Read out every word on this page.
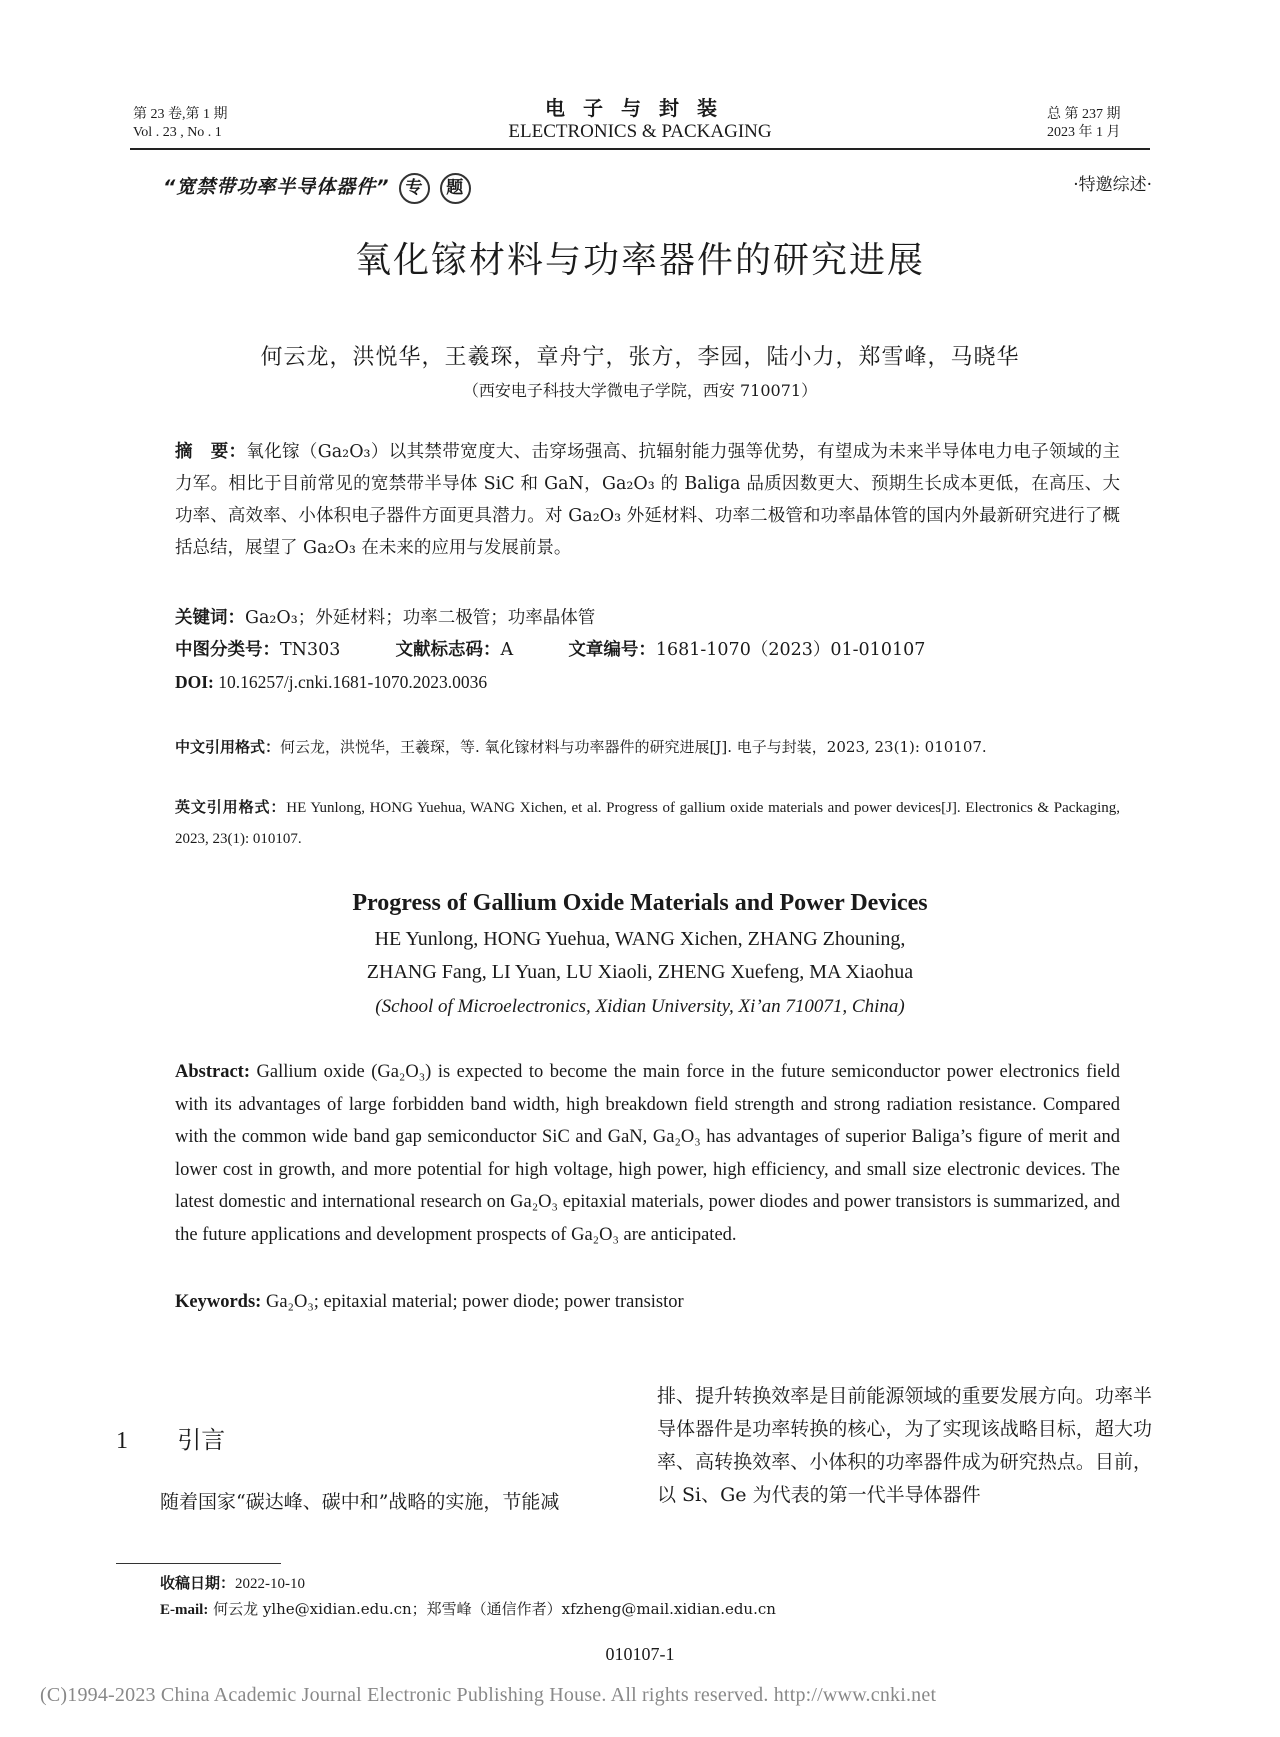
第 23 卷,第 1 期
Vol . 23 , No . 1
电子与封装
ELECTRONICS & PACKAGING
总 第 237 期
2023 年 1 月
“宽禁带功率半导体器件” 专 题	·特邀综述·
氧化镓材料与功率器件的研究进展
何云龙，洪悦华，王羲琛，章舟宁，张方，李园，陆小力，郑雪峰，马晓华
（西安电子科技大学微电子学院，西安 710071）
摘　要：氧化镓（Ga₂O₃）以其禁带宽度大、击穿场强高、抗辐射能力强等优势，有望成为未来半导体电力电子领域的主力军。相比于目前常见的宽禁带半导体 SiC 和 GaN，Ga₂O₃ 的 Baliga 品质因数更大、预期生长成本更低，在高压、大功率、高效率、小体积电子器件方面更具潜力。对 Ga₂O₃ 外延材料、功率二极管和功率晶体管的国内外最新研究进行了概括总结，展望了 Ga₂O₃ 在未来的应用与发展前景。
关键词：Ga₂O₃；外延材料；功率二极管；功率晶体管
中图分类号：TN303	文献标志码：A	文章编号：1681-1070（2023）01-010107
DOI: 10.16257/j.cnki.1681-1070.2023.0036
中文引用格式：何云龙，洪悦华，王羲琛，等. 氧化镓材料与功率器件的研究进展[J]. 电子与封装，2023, 23(1): 010107.
英文引用格式：HE Yunlong, HONG Yuehua, WANG Xichen, et al. Progress of gallium oxide materials and power devices[J]. Electronics & Packaging, 2023, 23(1): 010107.
Progress of Gallium Oxide Materials and Power Devices
HE Yunlong, HONG Yuehua, WANG Xichen, ZHANG Zhouning,
ZHANG Fang, LI Yuan, LU Xiaoli, ZHENG Xuefeng, MA Xiaohua
(School of Microelectronics, Xidian University, Xi’an 710071, China)
Abstract: Gallium oxide (Ga₂O₃) is expected to become the main force in the future semiconductor power electronics field with its advantages of large forbidden band width, high breakdown field strength and strong radiation resistance. Compared with the common wide band gap semiconductor SiC and GaN, Ga₂O₃ has advantages of superior Baliga’s figure of merit and lower cost in growth, and more potential for high voltage, high power, high efficiency, and small size electronic devices. The latest domestic and international research on Ga₂O₃ epitaxial materials, power diodes and power transistors is summarized, and the future applications and development prospects of Ga₂O₃ are anticipated.
Keywords: Ga₂O₃; epitaxial material; power diode; power transistor
1 引言
随着国家“碳达峰、碳中和”战略的实施，节能减
排、提升转换效率是目前能源领域的重要发展方向。功率半导体器件是功率转换的核心，为了实现该战略目标，超大功率、高转换效率、小体积的功率器件成为研究热点。目前，以 Si、Ge 为代表的第一代半导体器件
收稿日期：2022-10-10
E-mail: 何云龙 ylhe@xidian.edu.cn；郑雪峰（通信作者）xfzheng@mail.xidian.edu.cn
010107-1
(C)1994-2023 China Academic Journal Electronic Publishing House. All rights reserved. http://www.cnki.net
